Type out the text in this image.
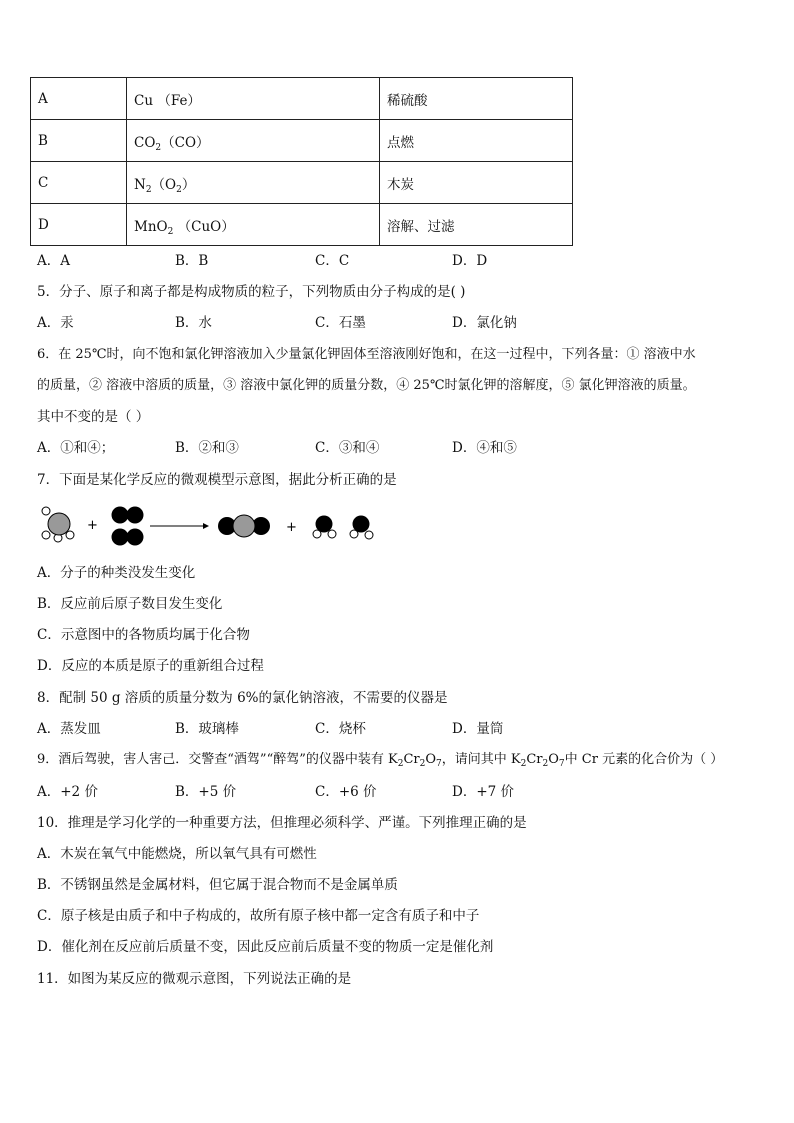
A	Cu （Fe）	稀硫酸
B	$CO_2(CO)$	点燃
C	$N_2(O_2)$	木炭
D	MnO$_2$ （CuO）	溶解、过滤
A．A	B．B	C．C	D．D
5．分子、原子和离子都是构成物质的粒子，下列物质由分子构成的是( )
A．汞	B．水	C．石墨	D．氯化钠
6．在 25℃时，向不饱和氯化钾溶液加入少量氯化钾固体至溶液刚好饱和，在这一过程中，下列各量：① 溶液中水
的质量，② 溶液中溶质的质量，③ 溶液中氯化钾的质量分数，④ 25℃时氯化钾的溶解度，⑤ 氯化钾溶液的质量。
其中不变的是（ ）
A．①和④；	B．②和③	C．③和④	D．④和⑤
7．下面是某化学反应的微观模型示意图，据此分析正确的是
+	+
A．分子的种类没发生变化
B．反应前后原子数目发生变化
C．示意图中的各物质均属于化合物
D．反应的本质是原子的重新组合过程
8．配制 50 g 溶质的质量分数为 6%的氯化钠溶液，不需要的仪器是
A．蒸发皿	B．玻璃棒	C．烧杯	D．量筒
9．酒后驾驶，害人害己．交警查“酒驾”“醉驾”的仪器中装有 $K_2Cr_2O_7$，请问其中 $K_2Cr_2O_7$中 Cr 元素的化合价为（ ）
A．+2 价	B．+5 价	C．+6 价	D．+7 价
10．推理是学习化学的一种重要方法，但推理必须科学、严谨。下列推理正确的是
A．木炭在氧气中能燃烧，所以氧气具有可燃性
B．不锈钢虽然是金属材料，但它属于混合物而不是金属单质
C．原子核是由质子和中子构成的，故所有原子核中都一定含有质子和中子
D．催化剂在反应前后质量不变，因此反应前后质量不变的物质一定是催化剂
11．如图为某反应的微观示意图，下列说法正确的是
